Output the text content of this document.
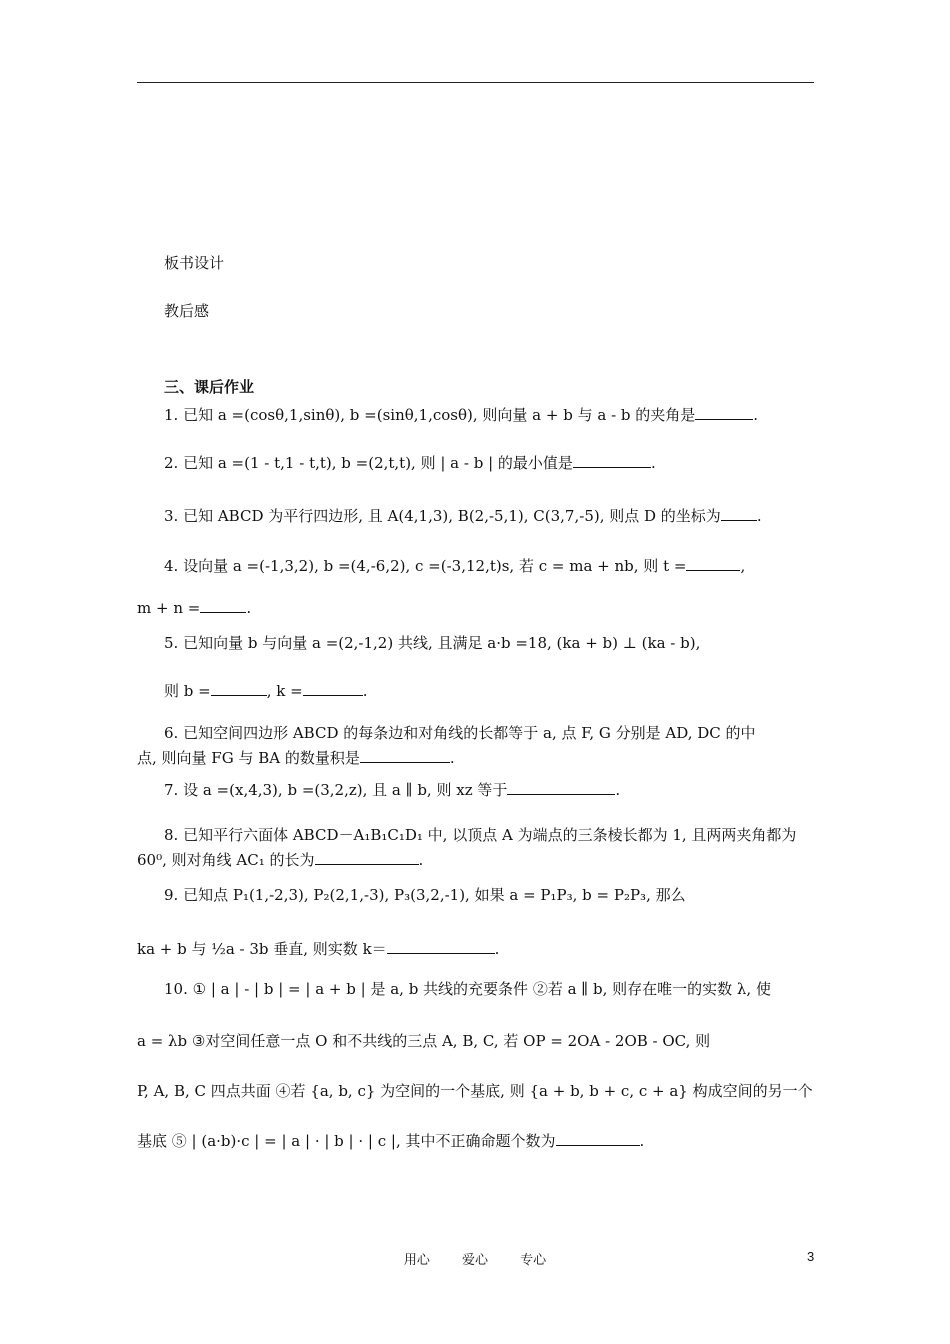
板书设计
教后感
三、课后作业
1. 已知 a =(cosθ,1,sinθ), b =(sinθ,1,cosθ), 则向量 a + b 与 a - b 的夹角是	.
2. 已知 a =(1 - t,1 - t,t), b =(2,t,t), 则 | a - b | 的最小值是	.
3. 已知 ABCD 为平行四边形, 且 A(4,1,3), B(2,-5,1), C(3,7,-5), 则点 D 的坐标为 .
4. 设向量 a =(-1,3,2), b =(4,-6,2), c =(-3,12,t)s, 若 c = ma + nb, 则 t =	,
m + n =	.
5. 已知向量 b 与向量 a =(2,-1,2) 共线, 且满足 a·b =18, (ka + b) ⊥ (ka - b),
则 b =	, k =	.
6. 已知空间四边形 ABCD 的每条边和对角线的长都等于 a, 点 F, G 分别是 AD, DC 的中
点, 则向量 FG 与 BA 的数量积是	.
7. 设 a =(x,4,3), b =(3,2,z), 且 a ∥ b, 则 xz 等于	.
8. 已知平行六面体 ABCD－A₁B₁C₁D₁ 中, 以顶点 A 为端点的三条棱长都为 1, 且两两夹角都为
60⁰, 则对角线 AC₁ 的长为	.
9. 已知点 P₁(1,-2,3), P₂(2,1,-3), P₃(3,2,-1), 如果 a = P₁P₃, b = P₂P₃, 那么
ka + b 与 ½a - 3b 垂直, 则实数 k＝	.
10. ① | a | - | b | = | a + b | 是 a, b 共线的充要条件 ②若 a ∥ b, 则存在唯一的实数 λ, 使
a = λb ③对空间任意一点 O 和不共线的三点 A, B, C, 若 OP = 2OA - 2OB - OC, 则
P, A, B, C 四点共面 ④若 {a, b, c} 为空间的一个基底, 则 {a + b, b + c, c + a} 构成空间的另一个
基底 ⑤ | (a·b)·c | = | a | · | b | · | c |, 其中不正确命题个数为	.
用心 爱心 专心	3
